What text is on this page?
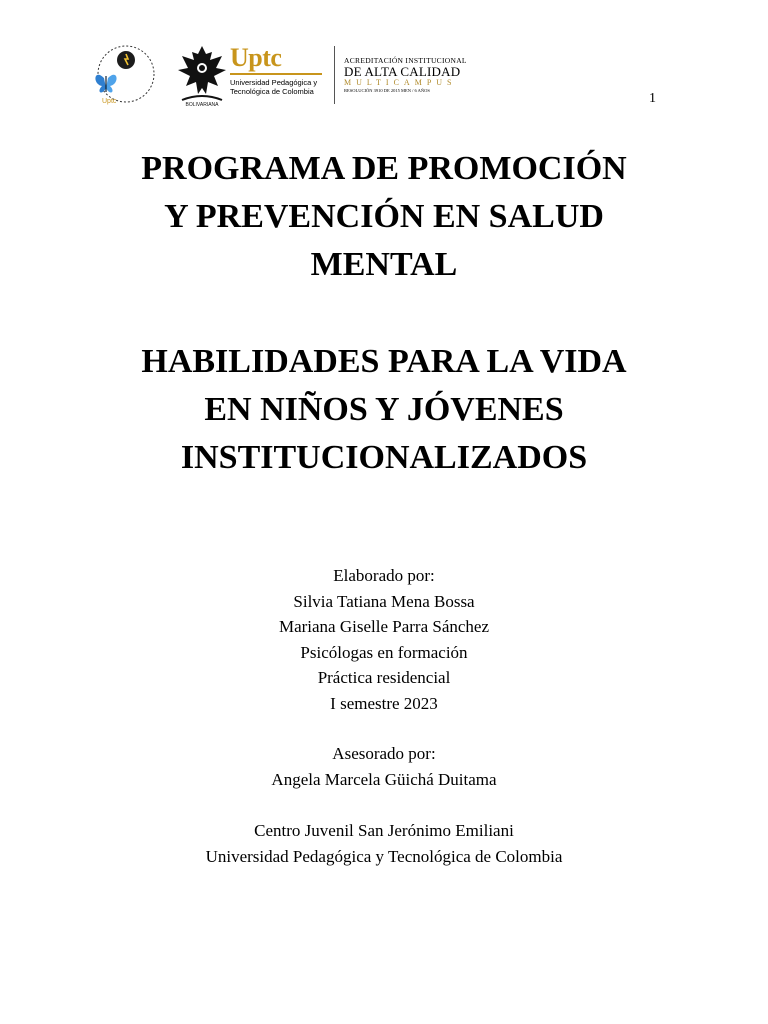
Uptc	BOLIVARIANA
Uptc
Universidad Pedagógica y
Tecnológica de Colombia
ACREDITACIÓN INSTITUCIONAL
DE ALTA CALIDAD
MULTICAMPUS
RESOLUCIÓN 3910 DE 2015 MEN / 6 AÑOS
1
PROGRAMA DE PROMOCIÓN
Y PREVENCIÓN EN SALUD
MENTAL
HABILIDADES PARA LA VIDA
EN NIÑOS Y JÓVENES
INSTITUCIONALIZADOS
Elaborado por:
Silvia Tatiana Mena Bossa
Mariana Giselle Parra Sánchez
Psicólogas en formación
Práctica residencial
I semestre 2023
Asesorado por:
Angela Marcela Güichá Duitama
Centro Juvenil San Jerónimo Emiliani
Universidad Pedagógica y Tecnológica de Colombia
